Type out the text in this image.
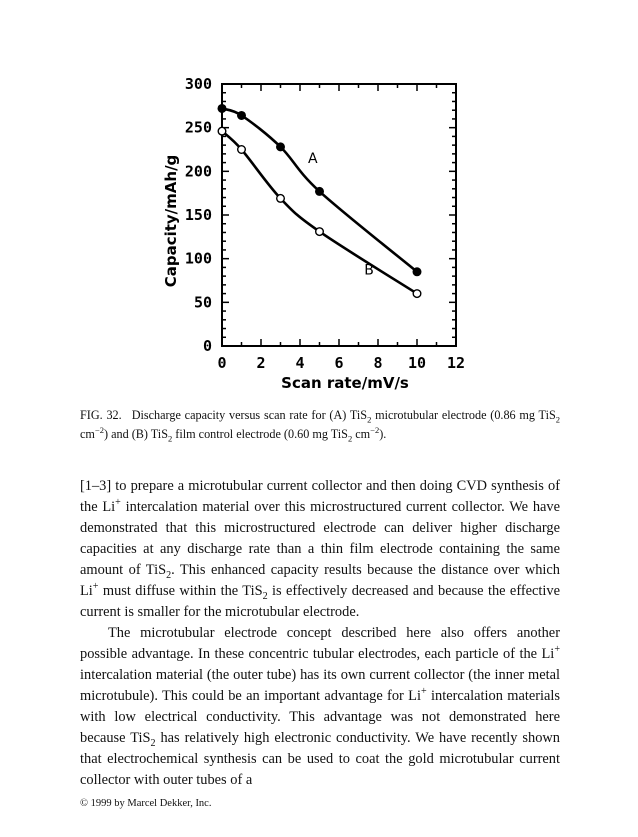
0 2 4 6 8 10 12
0
50
100
150
200
250
300
A
B
Scan rate/mV/s
Capacity/mAh/g
FIG. 32. Discharge capacity versus scan rate for (A) TiS$_2$ microtubular electrode (0.86 mg TiS$_2$ $cm^{-2}$) and (B) TiS$_2$ film control electrode (0.60 mg TiS$_2$ $cm^{-2}$).

[1–3] to prepare a microtubular current collector and then doing CVD synthesis of the Li+ intercalation material over this microstructured current collector. We have demonstrated that this microstructured electrode can deliver higher discharge capacities at any discharge rate than a thin film electrode containing the same amount of TiS$_2$. This enhanced capacity results because the distance over which Li+ must diffuse within the TiS$_2$ is effectively decreased and because the effective current is smaller for the microtubular electrode.

The microtubular electrode concept described here also offers another possible advantage. In these concentric tubular electrodes, each particle of the Li+ intercalation material (the outer tube) has its own current collector (the inner metal microtubule). This could be an important advantage for Li+ intercalation materials with low electrical conductivity. This advantage was not demonstrated here because TiS$_2$ has relatively high electronic conductivity. We have recently shown that electrochemical synthesis can be used to coat the gold microtubular current collector with outer tubes of a

© 1999 by Marcel Dekker, Inc.
